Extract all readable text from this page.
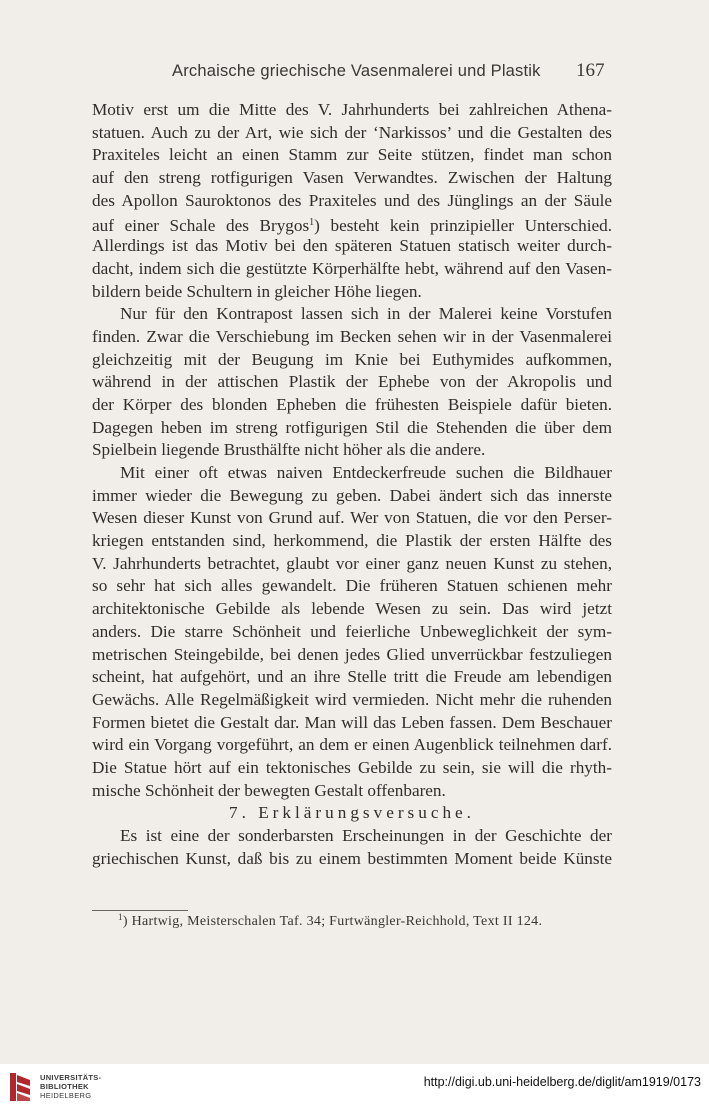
Archaische griechische Vasenmalerei und Plastik 167
Motiv erst um die Mitte des V. Jahrhunderts bei zahlreichen Athena-
statuen. Auch zu der Art, wie sich der ‘Narkissos’ und die Gestalten des
Praxiteles leicht an einen Stamm zur Seite stützen, findet man schon
auf den streng rotfigurigen Vasen Verwandtes. Zwischen der Haltung
des Apollon Sauroktonos des Praxiteles und des Jünglings an der Säule
auf einer Schale des Brygos$^1$) besteht kein prinzipieller Unterschied.
Allerdings ist das Motiv bei den späteren Statuen statisch weiter durch-
dacht, indem sich die gestützte Körperhälfte hebt, während auf den Vasen-
bildern beide Schultern in gleicher Höhe liegen.
Nur für den Kontrapost lassen sich in der Malerei keine Vorstufen
finden. Zwar die Verschiebung im Becken sehen wir in der Vasenmalerei
gleichzeitig mit der Beugung im Knie bei Euthymides aufkommen,
während in der attischen Plastik der Ephebe von der Akropolis und
der Körper des blonden Epheben die frühesten Beispiele dafür bieten.
Dagegen heben im streng rotfigurigen Stil die Stehenden die über dem
Spielbein liegende Brusthälfte nicht höher als die andere.
Mit einer oft etwas naiven Entdeckerfreude suchen die Bildhauer
immer wieder die Bewegung zu geben. Dabei ändert sich das innerste
Wesen dieser Kunst von Grund auf. Wer von Statuen, die vor den Perser-
kriegen entstanden sind, herkommend, die Plastik der ersten Hälfte des
V. Jahrhunderts betrachtet, glaubt vor einer ganz neuen Kunst zu stehen,
so sehr hat sich alles gewandelt. Die früheren Statuen schienen mehr
architektonische Gebilde als lebende Wesen zu sein. Das wird jetzt
anders. Die starre Schönheit und feierliche Unbeweglichkeit der sym-
metrischen Steingebilde, bei denen jedes Glied unverrückbar festzuliegen
scheint, hat aufgehört, und an ihre Stelle tritt die Freude am lebendigen
Gewächs. Alle Regelmäßigkeit wird vermieden. Nicht mehr die ruhenden
Formen bietet die Gestalt dar. Man will das Leben fassen. Dem Beschauer
wird ein Vorgang vorgeführt, an dem er einen Augenblick teilnehmen darf.
Die Statue hört auf ein tektonisches Gebilde zu sein, sie will die rhyth-
mische Schönheit der bewegten Gestalt offenbaren.
7. Erklärungsversuche.
Es ist eine der sonderbarsten Erscheinungen in der Geschichte der
griechischen Kunst, daß bis zu einem bestimmten Moment beide Künste
$^1$) Hartwig, Meisterschalen Taf. 34; Furtwängler-Reichhold, Text II 124.
UNIVERSITÄTS-
BIBLIOTHEK
HEIDELBERG
http://digi.ub.uni-heidelberg.de/diglit/am1919/0173
